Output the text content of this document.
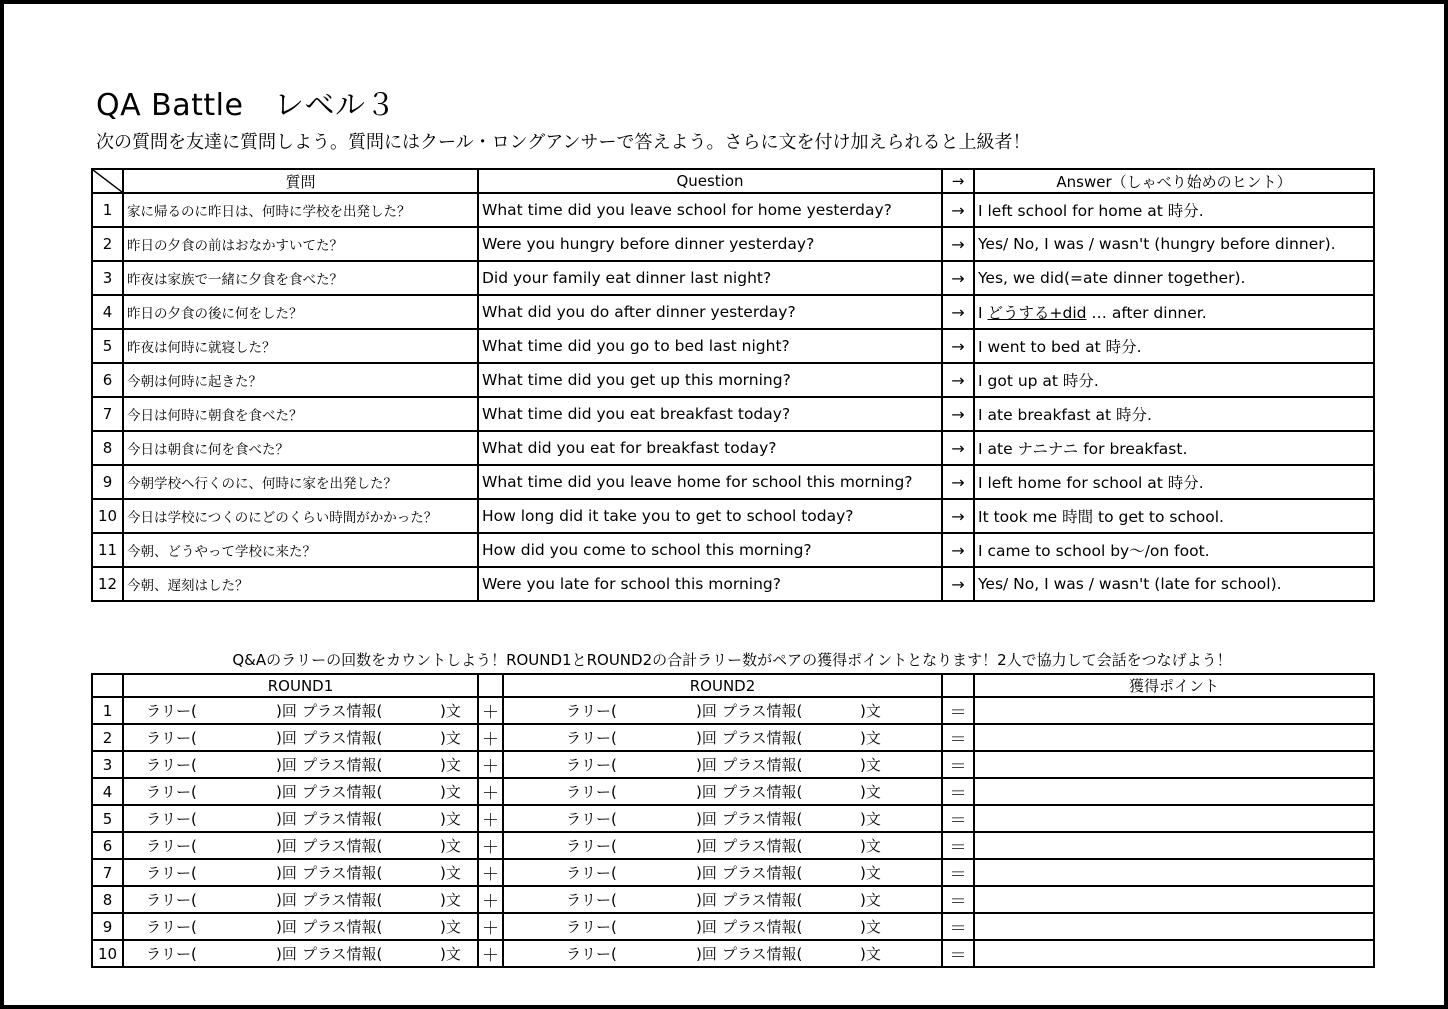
QA Battle　レベル３
次の質問を友達に質問しよう。質問にはクール・ロングアンサーで答えよう。さらに文を付け加えられると上級者！
	質問	Question	→	Answer（しゃべり始めのヒント）
1	家に帰るのに昨日は、何時に学校を出発した？	What time did you leave school for home yesterday?	→	I left school for home at 時分.
2	昨日の夕食の前はおなかすいてた？	Were you hungry before dinner yesterday?	→	Yes/ No, I was / wasn't (hungry before dinner).
3	昨夜は家族で一緒に夕食を食べた？	Did your family eat dinner last night?	→	Yes, we did(=ate dinner together).
4	昨日の夕食の後に何をした？	What did you do after dinner yesterday?	→	I どうする+did … after dinner.
5	昨夜は何時に就寝した？	What time did you go to bed last night?	→	I went to bed at 時分.
6	今朝は何時に起きた？	What time did you get up this morning?	→	I got up at 時分.
7	今日は何時に朝食を食べた？	What time did you eat breakfast today?	→	I ate breakfast at 時分.
8	今日は朝食に何を食べた？	What did you eat for breakfast today?	→	I ate ナニナニ for breakfast.
9	今朝学校へ行くのに、何時に家を出発した？	What time did you leave home for school this morning?	→	I left home for school at 時分.
10	今日は学校につくのにどのくらい時間がかかった？	How long did it take you to get to school today?	→	It took me 時間 to get to school.
11	今朝、どうやって学校に来た？	How did you come to school this morning?	→	I came to school by～/on foot.
12	今朝、遅刻はした？	Were you late for school this morning?	→	Yes/ No, I was / wasn't (late for school).
Q&Aのラリーの回数をカウントしよう！ROUND1とROUND2の合計ラリー数がペアの獲得ポイントとなります！2人で協力して会話をつなげよう！
	ROUND1		ROUND2		獲得ポイント
1	ラリー( )回 プラス情報( )文	＋	ラリー( )回 プラス情報( )文	＝	
2	ラリー( )回 プラス情報( )文	＋	ラリー( )回 プラス情報( )文	＝	
3	ラリー( )回 プラス情報( )文	＋	ラリー( )回 プラス情報( )文	＝	
4	ラリー( )回 プラス情報( )文	＋	ラリー( )回 プラス情報( )文	＝	
5	ラリー( )回 プラス情報( )文	＋	ラリー( )回 プラス情報( )文	＝	
6	ラリー( )回 プラス情報( )文	＋	ラリー( )回 プラス情報( )文	＝	
7	ラリー( )回 プラス情報( )文	＋	ラリー( )回 プラス情報( )文	＝	
8	ラリー( )回 プラス情報( )文	＋	ラリー( )回 プラス情報( )文	＝	
9	ラリー( )回 プラス情報( )文	＋	ラリー( )回 プラス情報( )文	＝	
10	ラリー( )回 プラス情報( )文	＋	ラリー( )回 プラス情報( )文	＝	
